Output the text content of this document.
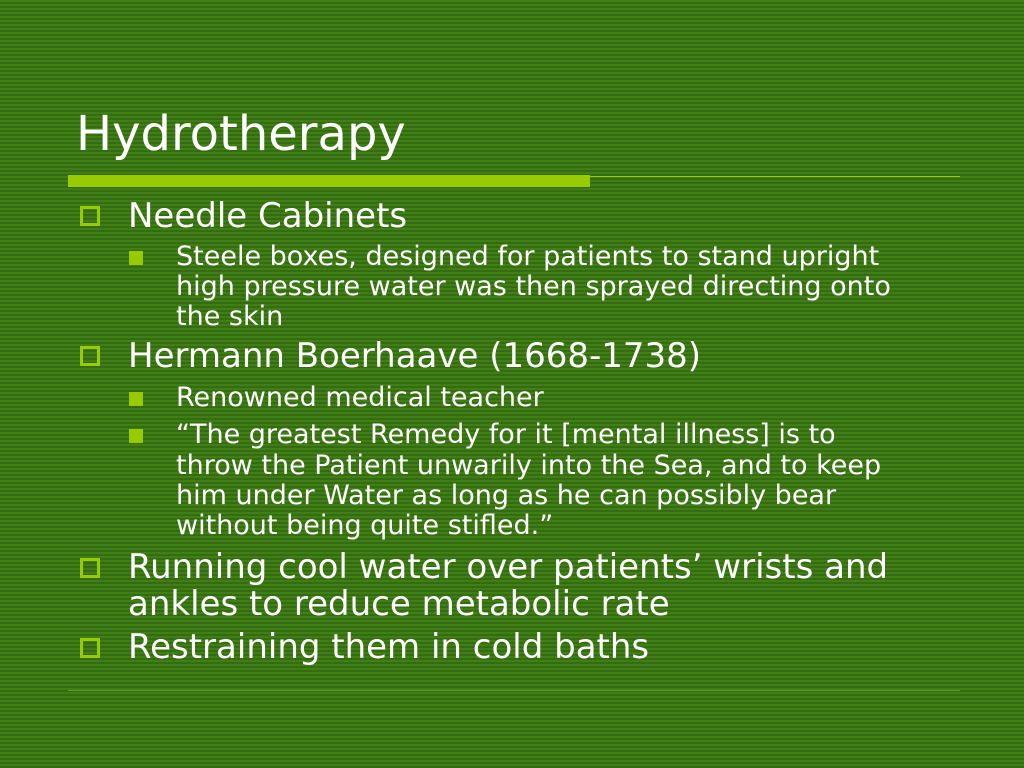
Hydrotherapy
Needle Cabinets
Steele boxes, designed for patients to stand upright
high pressure water was then sprayed directing onto
the skin
Hermann Boerhaave (1668-1738)
Renowned medical teacher
“The greatest Remedy for it [mental illness] is to
throw the Patient unwarily into the Sea, and to keep
him under Water as long as he can possibly bear
without being quite stifled.”
Running cool water over patients’ wrists and
ankles to reduce metabolic rate
Restraining them in cold baths
